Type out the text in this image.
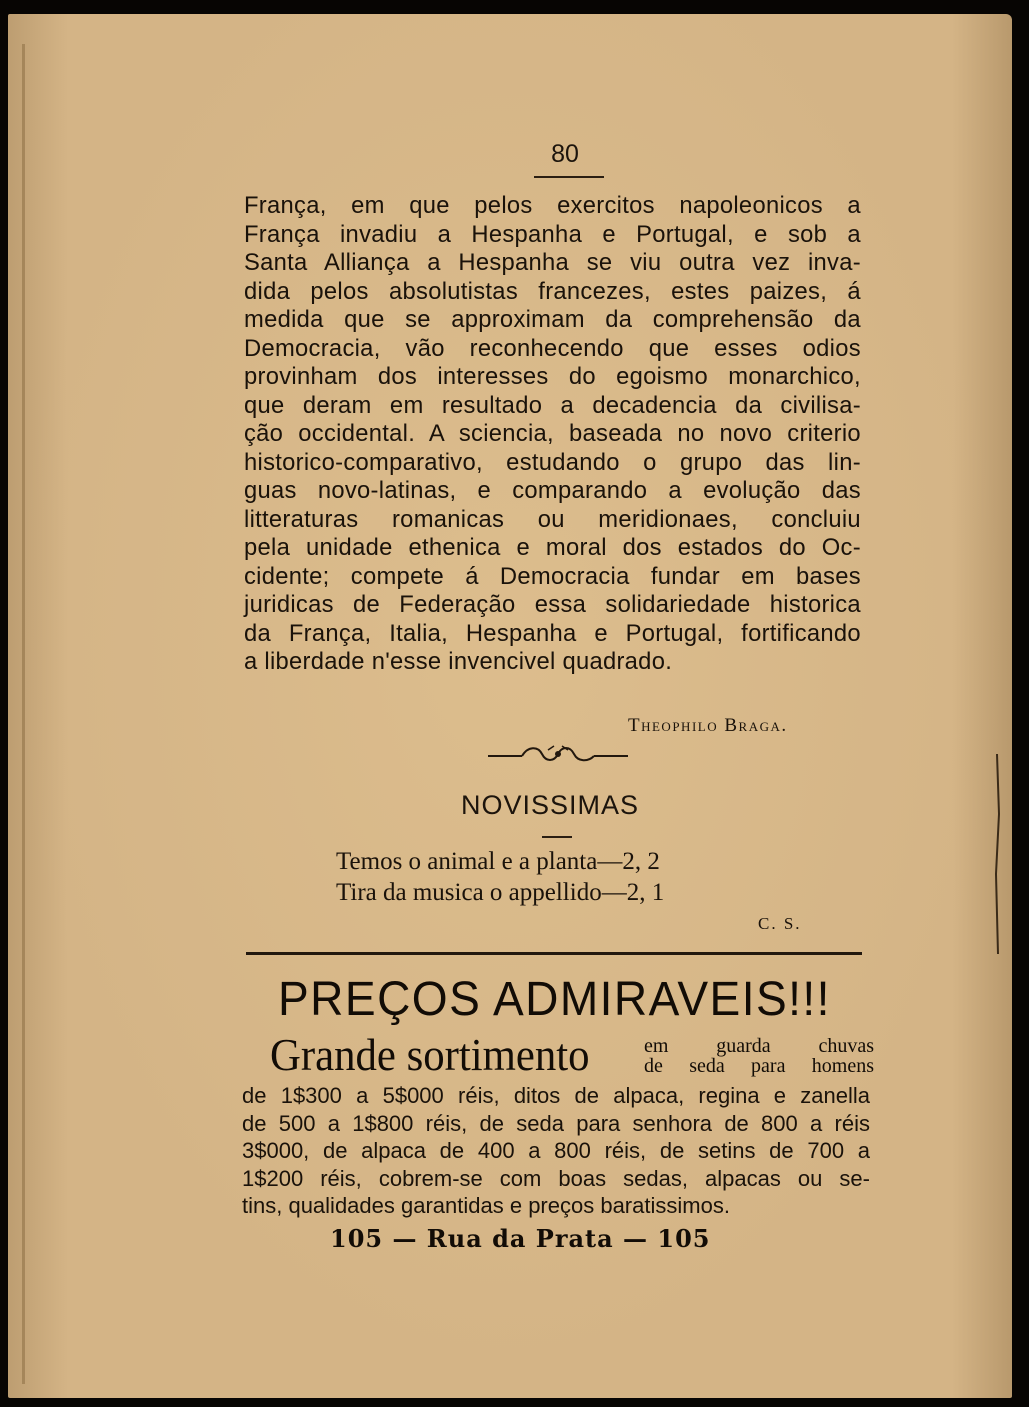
80
França, em que pelos exercitos napoleonicos a
França invadiu a Hespanha e Portugal, e sob a
Santa Alliança a Hespanha se viu outra vez inva-
dida pelos absolutistas francezes, estes paizes, á
medida que se approximam da comprehensão da
Democracia, vão reconhecendo que esses odios
provinham dos interesses do egoismo monarchico,
que deram em resultado a decadencia da civilisa-
ção occidental. A sciencia, baseada no novo criterio
historico-comparativo, estudando o grupo das lin-
guas novo-latinas, e comparando a evolução das
litteraturas romanicas ou meridionaes, concluiu
pela unidade ethenica e moral dos estados do Oc-
cidente; compete á Democracia fundar em bases
juridicas de Federação essa solidariedade historica
da França, Italia, Hespanha e Portugal, fortificando
a liberdade n'esse invencivel quadrado.
Theophilo Braga.
NOVISSIMAS
Temos o animal e a planta—2, 2
Tira da musica o appellido—2, 1
C. S.
PREÇOS ADMIRAVEIS!!!
Grande sortimento	em guarda chuvas
de seda para homens
de 1$300 a 5$000 réis, ditos de alpaca, regina e zanella
de 500 a 1$800 réis, de seda para senhora de 800 a réis
3$000, de alpaca de 400 a 800 réis, de setins de 700 a
1$200 réis, cobrem-se com boas sedas, alpacas ou se-
tins, qualidades garantidas e preços baratissimos.
105 — Rua da Prata — 105
